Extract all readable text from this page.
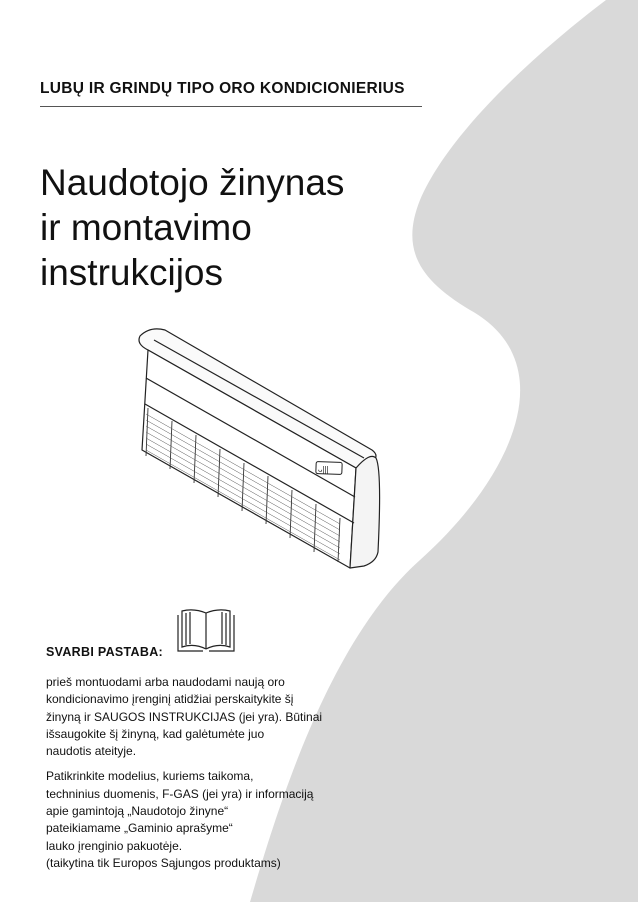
LUBŲ IR GRINDŲ TIPO ORO KONDICIONIERIUS
Naudotojo žinynas
ir montavimo
instrukcijos
ᴗ|||
SVARBI PASTABA:

prieš montuodami arba naudodami naują oro
kondicionavimo įrenginį atidžiai perskaitykite šį
žinyną ir SAUGOS INSTRUKCIJAS (jei yra). Būtinai
išsaugokite šį žinyną, kad galėtumėte juo
naudotis ateityje.

Patikrinkite modelius, kuriems taikoma,
techninius duomenis, F-GAS (jei yra) ir informaciją
apie gamintoją „Naudotojo žinyne“
pateikiamame „Gaminio aprašyme“
lauko įrenginio pakuotėje.
(taikytina tik Europos Sąjungos produktams)
